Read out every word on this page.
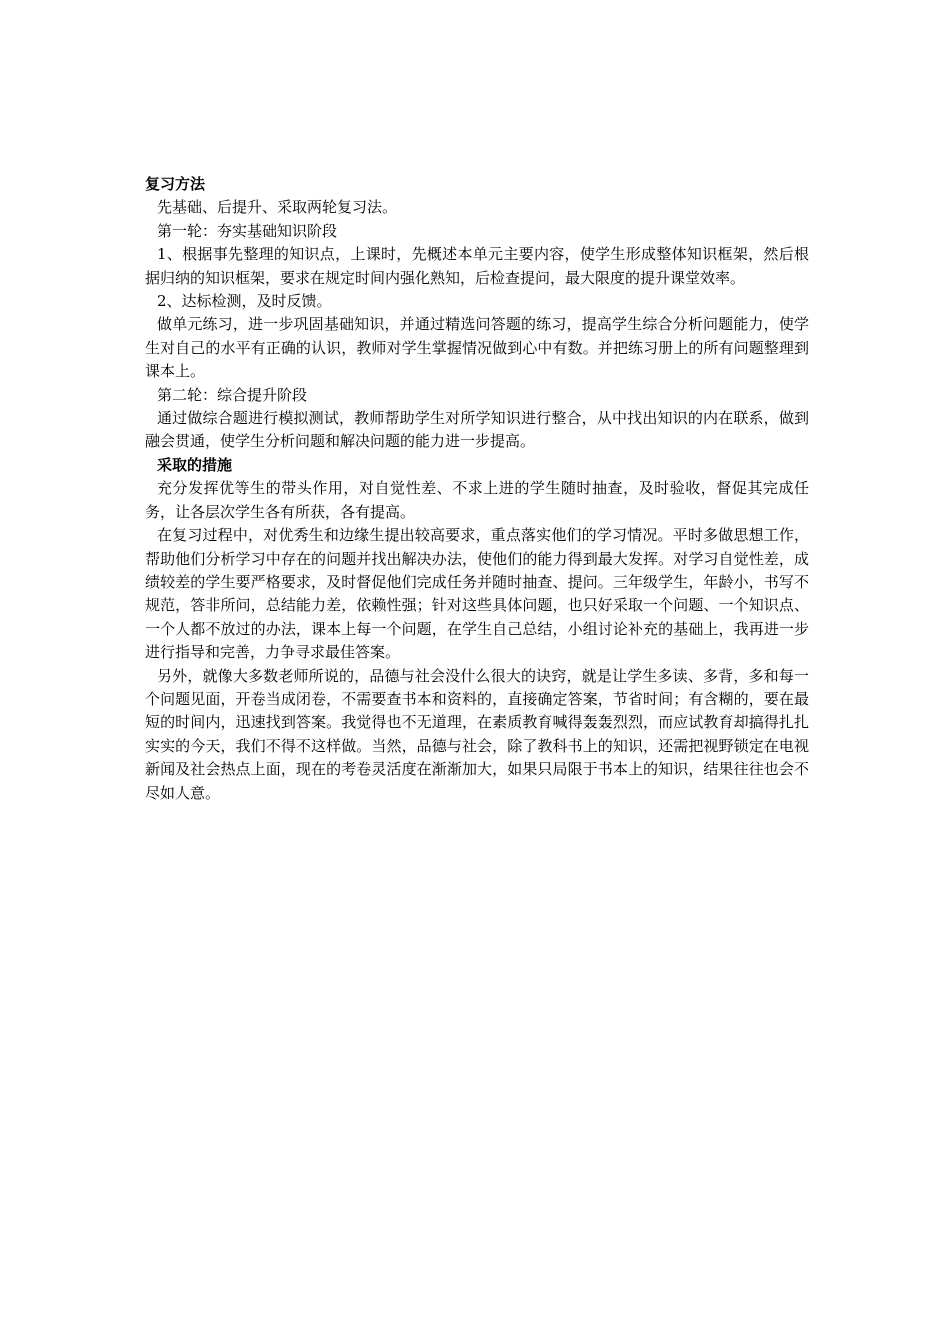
复习方法

先基础、后提升、采取两轮复习法。

第一轮：夯实基础知识阶段

1、根据事先整理的知识点，上课时，先概述本单元主要内容，使学生形成整体知识框架，然后根据归纳的知识框架，要求在规定时间内强化熟知，后检查提问，最大限度的提升课堂效率。

2、达标检测，及时反馈。

做单元练习，进一步巩固基础知识，并通过精选问答题的练习，提高学生综合分析问题能力，使学生对自己的水平有正确的认识，教师对学生掌握情况做到心中有数。并把练习册上的所有问题整理到课本上。

第二轮：综合提升阶段

通过做综合题进行模拟测试，教师帮助学生对所学知识进行整合，从中找出知识的内在联系，做到融会贯通，使学生分析问题和解决问题的能力进一步提高。

采取的措施

充分发挥优等生的带头作用，对自觉性差、不求上进的学生随时抽查，及时验收，督促其完成任务，让各层次学生各有所获，各有提高。

在复习过程中，对优秀生和边缘生提出较高要求，重点落实他们的学习情况。平时多做思想工作，帮助他们分析学习中存在的问题并找出解决办法，使他们的能力得到最大发挥。对学习自觉性差，成绩较差的学生要严格要求，及时督促他们完成任务并随时抽查、提问。三年级学生，年龄小，书写不规范，答非所问，总结能力差，依赖性强；针对这些具体问题，也只好采取一个问题、一个知识点、一个人都不放过的办法，课本上每一个问题，在学生自己总结，小组讨论补充的基础上，我再进一步进行指导和完善，力争寻求最佳答案。

另外，就像大多数老师所说的，品德与社会没什么很大的诀窍，就是让学生多读、多背，多和每一个问题见面，开卷当成闭卷，不需要查书本和资料的，直接确定答案，节省时间；有含糊的，要在最短的时间内，迅速找到答案。我觉得也不无道理，在素质教育喊得轰轰烈烈，而应试教育却搞得扎扎实实的今天，我们不得不这样做。当然，品德与社会，除了教科书上的知识，还需把视野锁定在电视新闻及社会热点上面，现在的考卷灵活度在渐渐加大，如果只局限于书本上的知识，结果往往也会不尽如人意。
